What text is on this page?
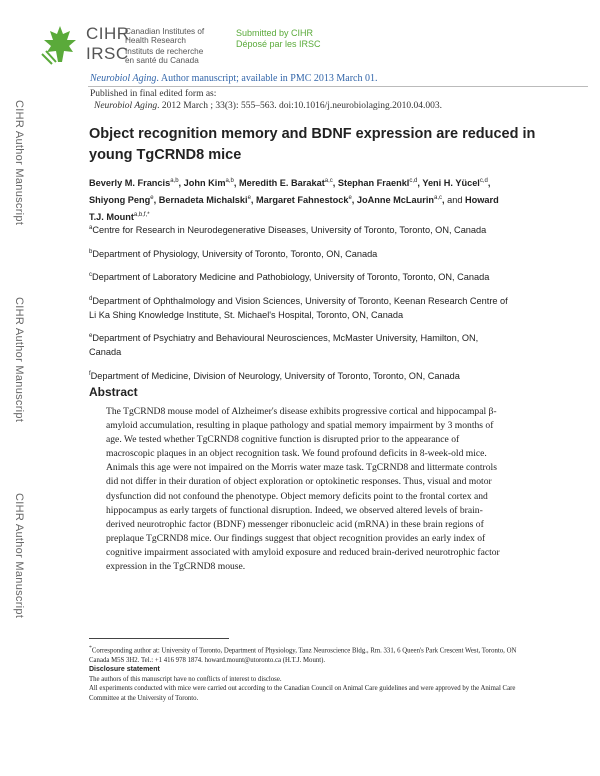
CIHR
IRSC
Canadian Institutes of
Health Research
Instituts de recherche
en santé du Canada
Submitted by CIHR
Déposé par les IRSC
Neurobiol Aging. Author manuscript; available in PMC 2013 March 01.
Published in final edited form as:
Neurobiol Aging. 2012 March ; 33(3): 555–563. doi:10.1016/j.neurobiolaging.2010.04.003.
CIHR Author Manuscript
CIHR Author Manuscript
CIHR Author Manuscript
Object recognition memory and BDNF expression are reduced in young TgCRND8 mice
Beverly M. Francis$^{a,b}$, John Kim$^{a,b}$, Meredith E. Barakat$^{a,c}$, Stephan Fraenkl$^{c,d}$, Yeni H. Yücel$^{c,d}$, Shiyong Peng$^e$, Bernadeta Michalski$^e$, Margaret Fahnestock$^e$, JoAnne McLaurin$^{a,c}$, and Howard T.J. Mount$^{a,b,f,*}$
$^a$Centre for Research in Neurodegenerative Diseases, University of Toronto, Toronto, ON, Canada
$^b$Department of Physiology, University of Toronto, Toronto, ON, Canada
$^c$Department of Laboratory Medicine and Pathobiology, University of Toronto, Toronto, ON, Canada
$^d$Department of Ophthalmology and Vision Sciences, University of Toronto, Keenan Research Centre of Li Ka Shing Knowledge Institute, St. Michael's Hospital, Toronto, ON, Canada
$^e$Department of Psychiatry and Behavioural Neurosciences, McMaster University, Hamilton, ON, Canada
$^f$Department of Medicine, Division of Neurology, University of Toronto, Toronto, ON, Canada
Abstract
The TgCRND8 mouse model of Alzheimer's disease exhibits progressive cortical and hippocampal β-amyloid accumulation, resulting in plaque pathology and spatial memory impairment by 3 months of age. We tested whether TgCRND8 cognitive function is disrupted prior to the appearance of macroscopic plaques in an object recognition task. We found profound deficits in 8-week-old mice. Animals this age were not impaired on the Morris water maze task. TgCRND8 and littermate controls did not differ in their duration of object exploration or optokinetic responses. Thus, visual and motor dysfunction did not confound the phenotype. Object memory deficits point to the frontal cortex and hippocampus as early targets of functional disruption. Indeed, we observed altered levels of brain-derived neurotrophic factor (BDNF) messenger ribonucleic acid (mRNA) in these brain regions of preplaque TgCRND8 mice. Our findings suggest that object recognition provides an early index of cognitive impairment associated with amyloid exposure and reduced brain-derived neurotrophic factor expression in the TgCRND8 mouse.
*Corresponding author at: University of Toronto, Department of Physiology, Tanz Neuroscience Bldg., Rm. 331, 6 Queen's Park Crescent West, Toronto, ON Canada M5S 3H2. Tel.: +1 416 978 1874. howard.mount@utoronto.ca (H.T.J. Mount).
Disclosure statement
The authors of this manuscript have no conflicts of interest to disclose.
All experiments conducted with mice were carried out according to the Canadian Council on Animal Care guidelines and were approved by the Animal Care Committee at the University of Toronto.
